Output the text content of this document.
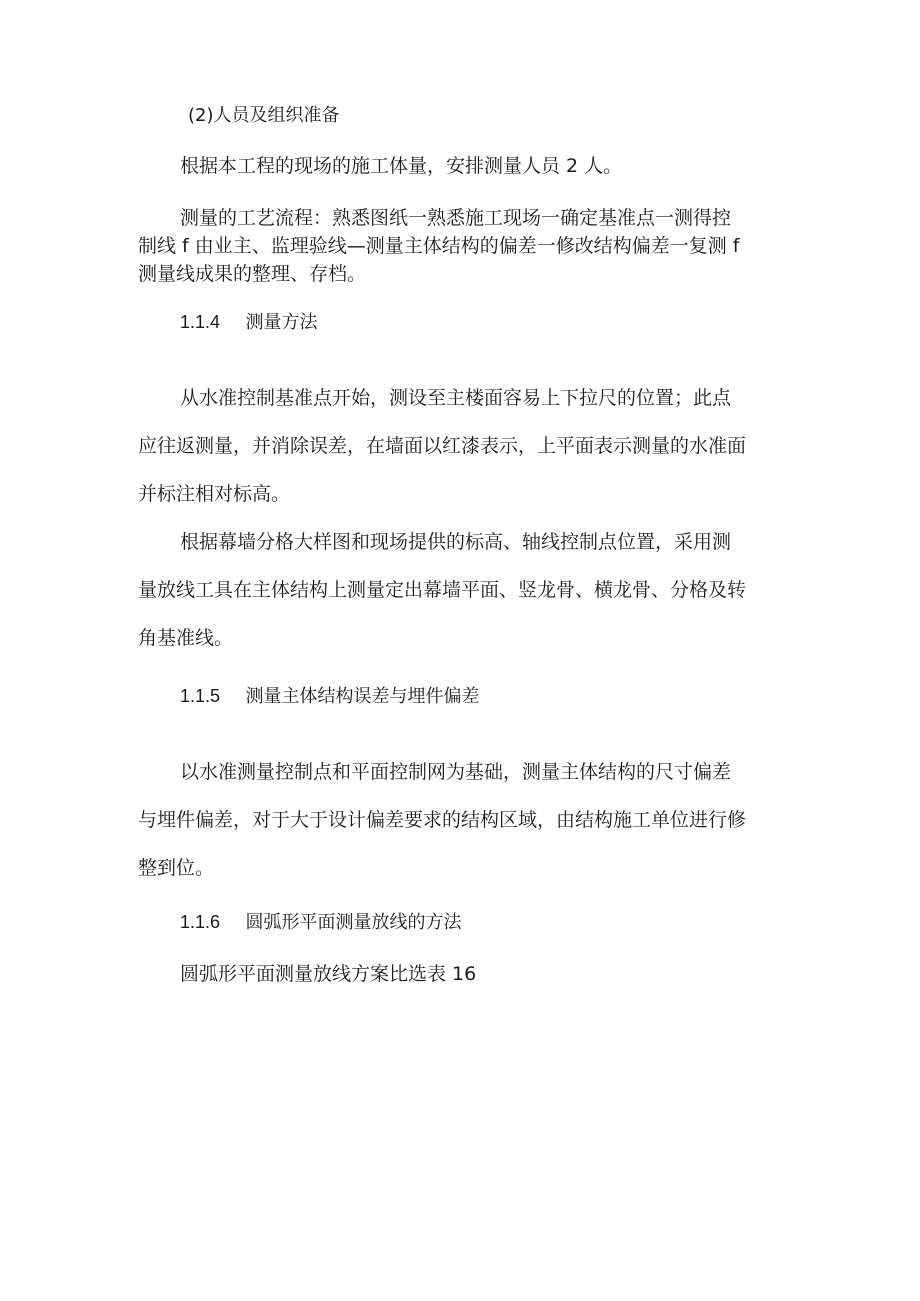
(2)人员及组织准备
根据本工程的现场的施工体量，安排测量人员 2 人。
测量的工艺流程：熟悉图纸一熟悉施工现场一确定基准点一测得控
制线 f 由业主、监理验线—测量主体结构的偏差一修改结构偏差一复测 f
测量线成果的整理、存档。
1.1.4 测量方法
从水准控制基准点开始，测设至主楼面容易上下拉尺的位置；此点
应往返测量，并消除误差，在墙面以红漆表示，上平面表示测量的水准面
并标注相对标高。
根据幕墙分格大样图和现场提供的标高、轴线控制点位置，采用测
量放线工具在主体结构上测量定出幕墙平面、竖龙骨、横龙骨、分格及转
角基准线。
1.1.5 测量主体结构误差与埋件偏差
以水准测量控制点和平面控制网为基础，测量主体结构的尺寸偏差
与埋件偏差，对于大于设计偏差要求的结构区域，由结构施工单位进行修
整到位。
1.1.6 圆弧形平面测量放线的方法
圆弧形平面测量放线方案比选表 16
